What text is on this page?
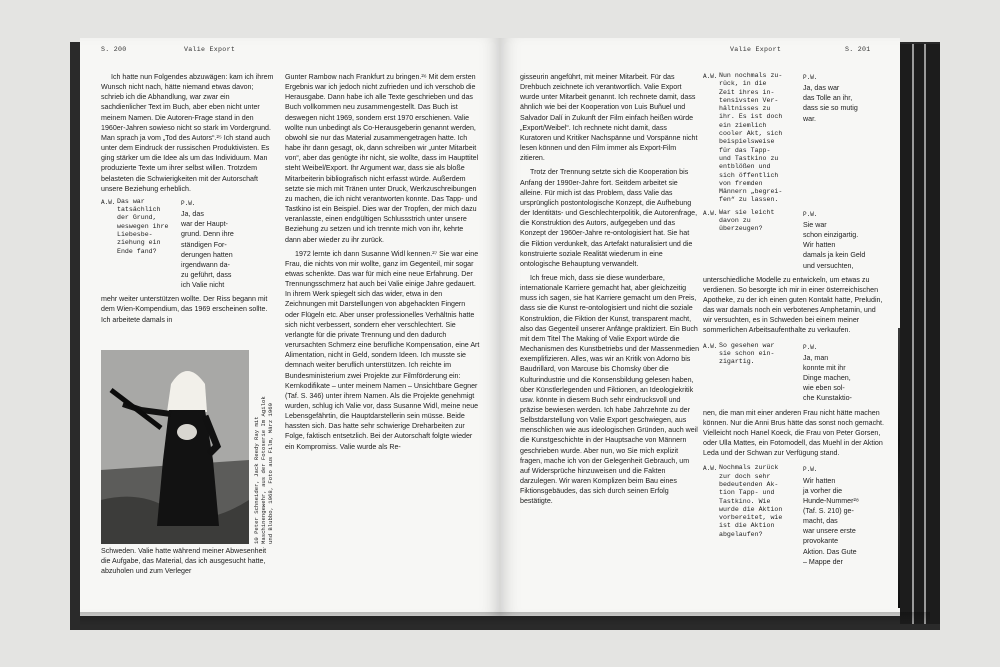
S. 200	Valie Export

Ich hatte nun Folgendes abzuwägen: kam ich ihrem Wunsch nicht nach, hätte niemand etwas davon; schrieb ich die Abhandlung, war zwar ein sachdienlicher Text im Buch, aber eben nicht unter meinem Namen. Die Autoren-Frage stand in den 1960er-Jahren sowieso nicht so stark im Vordergrund. Man sprach ja vom „Tod des Autors“.²⁵ Ich stand auch unter dem Eindruck der russischen Produktivisten. Es ging stärker um die Idee als um das Individuum. Man produzierte Texte um ihrer selbst willen. Trotzdem belasteten die Schwierigkeiten mit der Autorschaft unsere Beziehung erheblich.

A.W. Das war
tatsächlich
der Grund,
weswegen ihre
Liebesbe-
ziehung ein
Ende fand?
P.W.
Ja, das
war der Haupt-
grund. Denn ihre
ständigen For-
derungen hatten
irgendwann da-
zu geführt, dass
ich Valie nicht

mehr weiter unterstützen wollte. Der Riss begann mit dem Wien-Kompendium, das 1969 erscheinen sollte. Ich arbeitete damals in

10 Peter Schneider, Jack Reedy Ray mit
Maschinengewehr, aus der Fotoserie Im Agilok
und Blubbo, 1968, Foto aus Film, März 1969

Schweden. Valie hatte während meiner Abwesenheit die Aufgabe, das Material, das ich ausgesucht hatte, abzuholen und zum Verleger

Gunter Rambow nach Frankfurt zu bringen.²⁶ Mit dem ersten Ergebnis war ich jedoch nicht zufrieden und ich verschob die Herausgabe. Dann habe ich alle Texte geschrieben und das Buch vollkommen neu zusammengestellt. Das Buch ist deswegen nicht 1969, sondern erst 1970 erschienen. Valie wollte nun unbedingt als Co-Herausgeberin genannt werden, obwohl sie nur das Material zusammengetragen hatte. Ich habe ihr dann gesagt, ok, dann schreiben wir „unter Mitarbeit von“, aber das genügte ihr nicht, sie wollte, dass im Haupttitel steht Weibel/Export. Ihr Argument war, dass sie als bloße Mitarbeiterin bibliografisch nicht erfasst würde. Außerdem setzte sie mich mit Tränen unter Druck, Werkzuschreibungen zu machen, die ich nicht verantworten konnte. Das Tapp- und Tastkino ist ein Beispiel. Dies war der Tropfen, der mich dazu veranlasste, einen endgültigen Schlussstrich unter unsere Beziehung zu setzen und ich trennte mich von ihr, kehrte dann aber wieder zu ihr zurück.

1972 lernte ich dann Susanne Widl kennen.²⁷ Sie war eine Frau, die nichts von mir wollte, ganz im Gegenteil, mir sogar etwas schenkte. Das war für mich eine neue Erfahrung. Der Trennungsschmerz hat auch bei Valie einige Jahre gedauert. In ihrem Werk spiegelt sich das wider, etwa in den Zeichnungen mit Darstellungen von abgehackten Fingern oder Flügeln etc. Aber unser professionelles Verhältnis hatte sich nicht verbessert, sondern eher verschlechtert. Sie verlangte für die private Trennung und den dadurch verursachten Schmerz eine berufliche Kompensation, eine Art Alimentation, nicht in Geld, sondern Ideen. Ich musste sie demnach weiter beruflich unterstützen. Ich reichte im Bundesministerium zwei Projekte zur Filmförderung ein: Kernkodifikate – unter meinem Namen – Unsichtbare Gegner (Taf. S. 346) unter ihrem Namen. Als die Projekte genehmigt wurden, schlug ich Valie vor, dass Susanne Widl, meine neue Lebensgefährtin, die Hauptdarstellerin sein müsse. Beide hassten sich. Das hatte sehr schwierige Dreharbeiten zur Folge, faktisch entsetzlich. Bei der Autorschaft folgte wieder ein Kompromiss. Valie wurde als Re-

Valie Export	S. 201

gisseurin angeführt, mit meiner Mitarbeit. Für das Drehbuch zeichnete ich verantwortlich. Valie Export wurde unter Mitarbeit genannt. Ich rechnete damit, dass ähnlich wie bei der Kooperation von Luis Buñuel und Salvador Dalí in Zukunft der Film einfach heißen würde „Export/Weibel“. Ich rechnete nicht damit, dass Kuratoren und Kritiker Nachspänne und Vorspänne nicht lesen können und den Film immer als Export-Film zitieren.

Trotz der Trennung setzte sich die Kooperation bis Anfang der 1990er-Jahre fort. Seitdem arbeitet sie alleine. Für mich ist das Problem, dass Valie das ursprünglich postontologische Konzept, die Aufhebung der Identitäts- und Geschlechterpolitik, die Autorenfrage, die Konstruktion des Autors, aufgegeben und das Konzept der 1960er-Jahre re-ontologisiert hat. Sie hat die Fiktion verdunkelt, das Artefakt naturalisiert und die konstruierte soziale Realität wiederum in eine ontologische Behauptung verwandelt.

Ich freue mich, dass sie diese wunderbare, internationale Karriere gemacht hat, aber gleichzeitig muss ich sagen, sie hat Karriere gemacht um den Preis, dass sie die Kunst re-ontologisiert und nicht die soziale Konstruktion, die Fiktion der Kunst, transparent macht, also das Gegenteil unserer Anfänge praktiziert. Ein Buch mit dem Titel The Making of Valie Export würde die Mechanismen des Kunstbetriebs und der Massenmedien exemplifizieren. Alles, was wir an Kritik von Adorno bis Baudrillard, von Marcuse bis Chomsky über die Kulturindustrie und die Konsensbildung gelesen haben, über Künstlerlegenden und Fiktionen, an Ideologiekritik usw. könnte in diesem Buch sehr eindrucksvoll und präzise bewiesen werden. Ich habe Jahrzehnte zu der Selbstdarstellung von Valie Export geschwiegen, aus menschlichen wie aus ideologischen Gründen, auch weil die Kunstgeschichte in der Hauptsache von Männern geschrieben wurde. Aber nun, wo Sie mich explizit fragen, mache ich von der Gelegenheit Gebrauch, um auf Widersprüche hinzuweisen und die Fakten darzulegen. Wir waren Komplizen beim Bau eines Fiktionsgebäudes, das sich durch seinen Erfolg bestätigte.

A.W. Nun nochmals zu-
rück, in die
Zeit ihres in-
tensivsten Ver-
hältnisses zu
ihr. Es ist doch
ein ziemlich
cooler Akt, sich
beispielsweise
für das Tapp-
und Tastkino zu
entblößen und
sich öffentlich
von fremden
Männern „begrei-
fen“ zu lassen.
P.W.
Ja, das war
das Tolle an ihr,
dass sie so mutig
war.
A.W. War sie leicht
davon zu
überzeugen?
P.W.
Sie war
schon einzigartig.
Wir hatten
damals ja kein Geld
und versuchten,

unterschiedliche Modelle zu entwickeln, um etwas zu verdienen. So besorgte ich mir in einer österreichischen Apotheke, zu der ich einen guten Kontakt hatte, Preludin, das war damals noch ein verbotenes Amphetamin, und wir versuchten, es in Schweden bei einem meiner sommerlichen Arbeitsaufenthalte zu verkaufen.

A.W. So gesehen war
sie schon ein-
zigartig.
P.W.
Ja, man
konnte mit ihr
Dinge machen,
wie eben sol-
che Kunstaktio-

nen, die man mit einer anderen Frau nicht hätte machen können. Nur die Anni Brus hätte das sonst noch gemacht. Vielleicht noch Hanel Koeck, die Frau von Peter Gorsen, oder Ulla Mattes, ein Fotomodell, das Muehl in der Aktion Leda und der Schwan zur Verfügung stand.

A.W. Nochmals zurück
zur doch sehr
bedeutenden Ak-
tion Tapp- und
Tastkino. Wie
wurde die Aktion
vorbereitet, wie
ist die Aktion
abgelaufen?
P.W.
Wir hatten
ja vorher die
Hunde-Nummer²⁸
(Taf. S. 210) ge-
macht, das
war unsere erste
provokante
Aktion. Das Gute
– Mappe der
